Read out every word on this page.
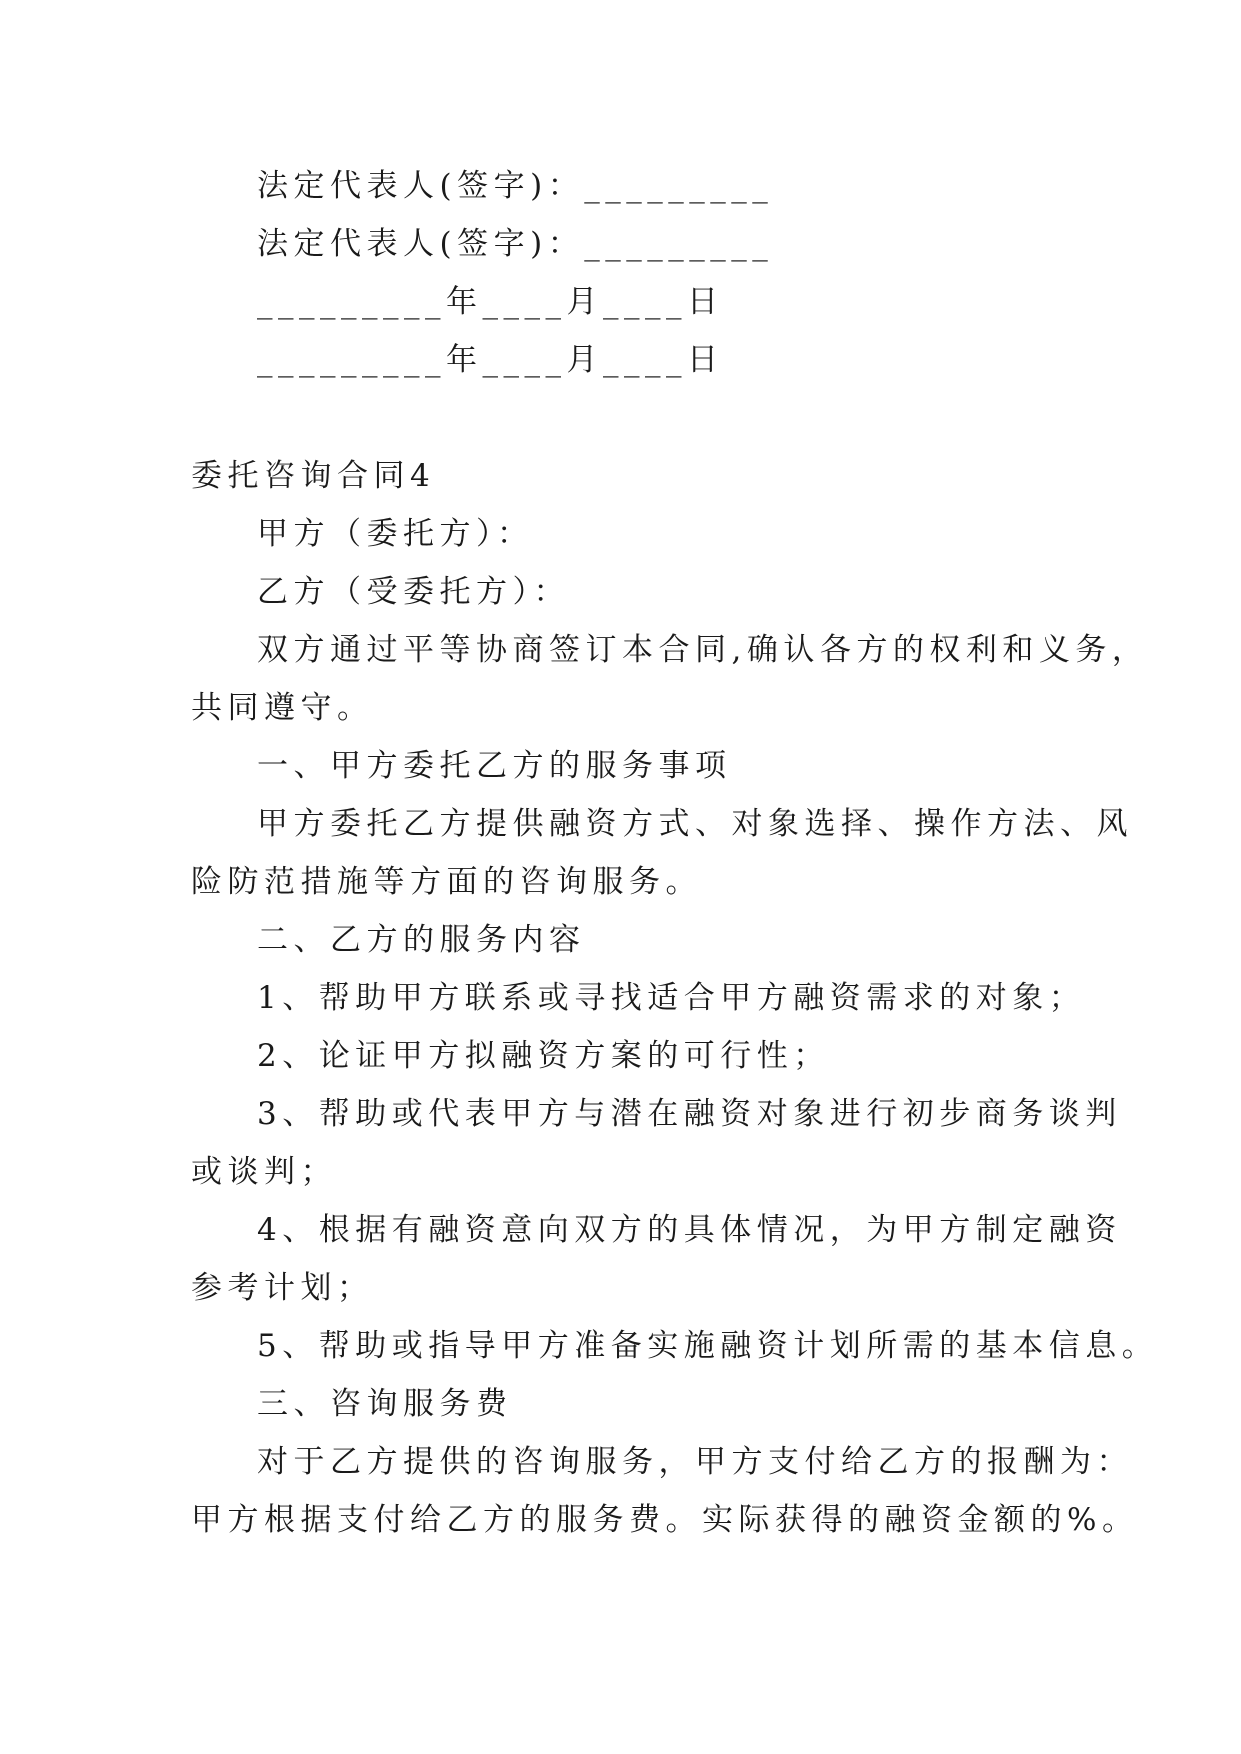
法定代表人(签字)：_________
法定代表人(签字)：_________
_________年____月____日
_________年____月____日
委托咨询合同4
甲方（委托方）：
乙方（受委托方）：
双方通过平等协商签订本合同,确认各方的权利和义务，
共同遵守。
一、甲方委托乙方的服务事项
甲方委托乙方提供融资方式、对象选择、操作方法、风
险防范措施等方面的咨询服务。
二、乙方的服务内容
1、帮助甲方联系或寻找适合甲方融资需求的对象；
2、论证甲方拟融资方案的可行性；
3、帮助或代表甲方与潜在融资对象进行初步商务谈判
或谈判；
4、根据有融资意向双方的具体情况，为甲方制定融资
参考计划；
5、帮助或指导甲方准备实施融资计划所需的基本信息。
三、咨询服务费
对于乙方提供的咨询服务，甲方支付给乙方的报酬为：
甲方根据支付给乙方的服务费。实际获得的融资金额的%。
